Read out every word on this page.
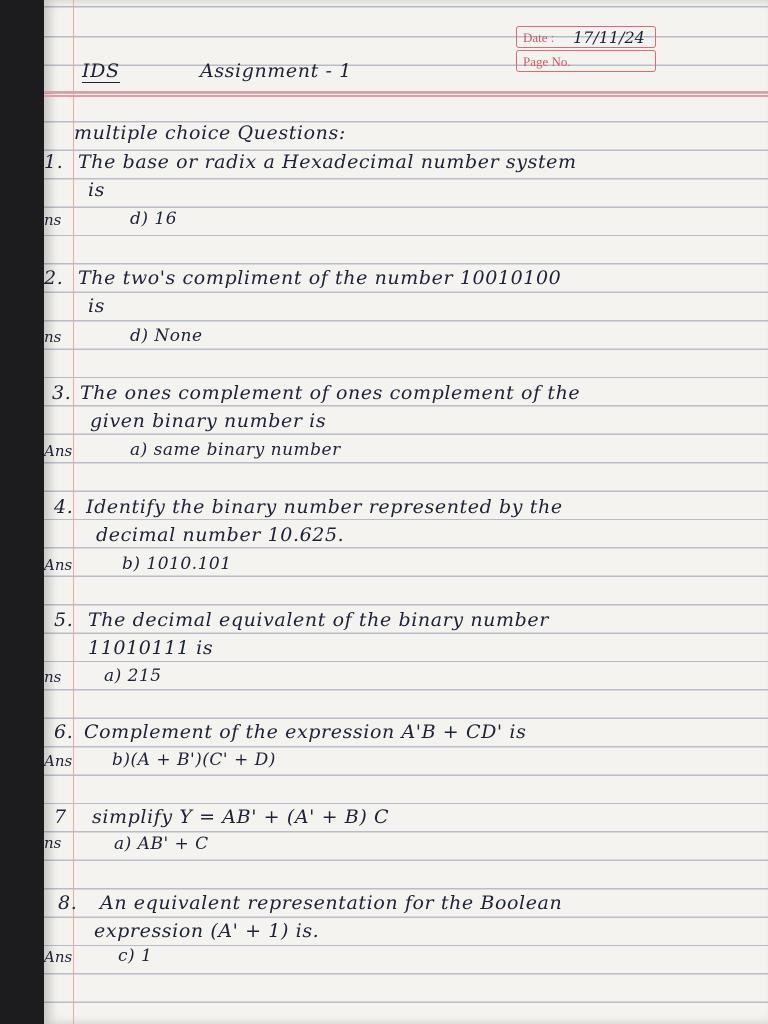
Date : 17/11/24
Page No.
IDS	Assignment - 1
multiple choice Questions:
1. The base or radix a Hexadecimal number system
is
ns	d) 16
2. The two's compliment of the number 10010100
is
ns	d) None
3. The ones complement of ones complement of the
given binary number is
Ans	a) same binary number
4. Identify the binary number represented by the
decimal number 10.625.
Ans	b) 1010.101
5. The decimal equivalent of the binary number
11010111 is
ns	a) 215
6. Complement of the expression A'B + CD' is
Ans b)(A + B')(C' + D)
7 simplify Y = AB' + (A' + B) C
ns	a) AB' + C
8. An equivalent representation for the Boolean
expression (A' + 1) is.
Ans	c) 1
